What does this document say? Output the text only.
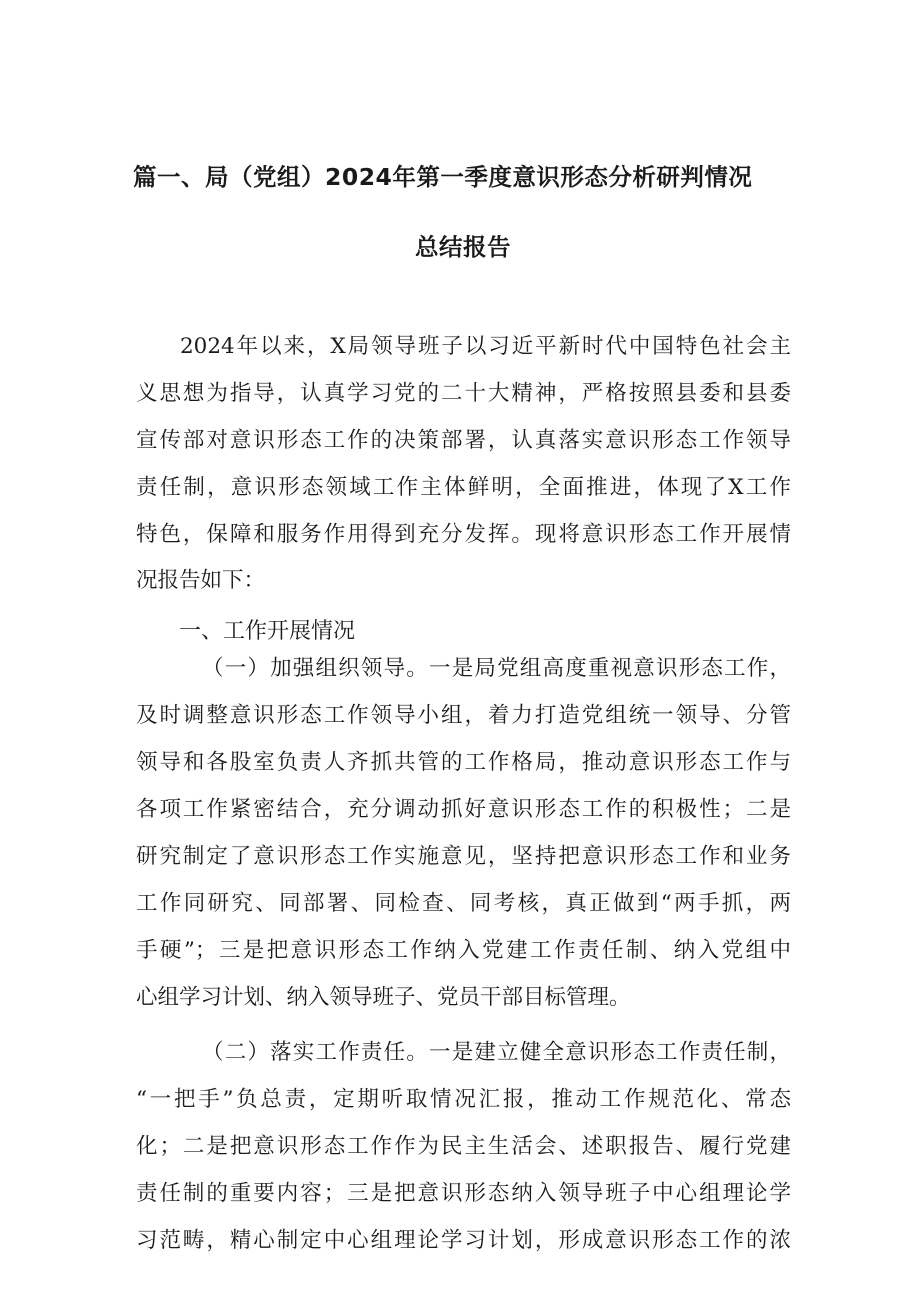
篇一、局（党组）2024年第一季度意识形态分析研判情况
总结报告
2024年以来，X局领导班子以习近平新时代中国特色社会主
义思想为指导，认真学习党的二十大精神，严格按照县委和县委
宣传部对意识形态工作的决策部署，认真落实意识形态工作领导
责任制，意识形态领域工作主体鲜明，全面推进，体现了X工作
特色，保障和服务作用得到充分发挥。现将意识形态工作开展情
况报告如下：
一、工作开展情况
（一）加强组织领导。一是局党组高度重视意识形态工作，
及时调整意识形态工作领导小组，着力打造党组统一领导、分管
领导和各股室负责人齐抓共管的工作格局，推动意识形态工作与
各项工作紧密结合，充分调动抓好意识形态工作的积极性；二是
研究制定了意识形态工作实施意见，坚持把意识形态工作和业务
工作同研究、同部署、同检查、同考核，真正做到“两手抓，两
手硬”；三是把意识形态工作纳入党建工作责任制、纳入党组中
心组学习计划、纳入领导班子、党员干部目标管理。
（二）落实工作责任。一是建立健全意识形态工作责任制，
“一把手”负总责，定期听取情况汇报，推动工作规范化、常态
化；二是把意识形态工作作为民主生活会、述职报告、履行党建
责任制的重要内容；三是把意识形态纳入领导班子中心组理论学
习范畴，精心制定中心组理论学习计划，形成意识形态工作的浓
